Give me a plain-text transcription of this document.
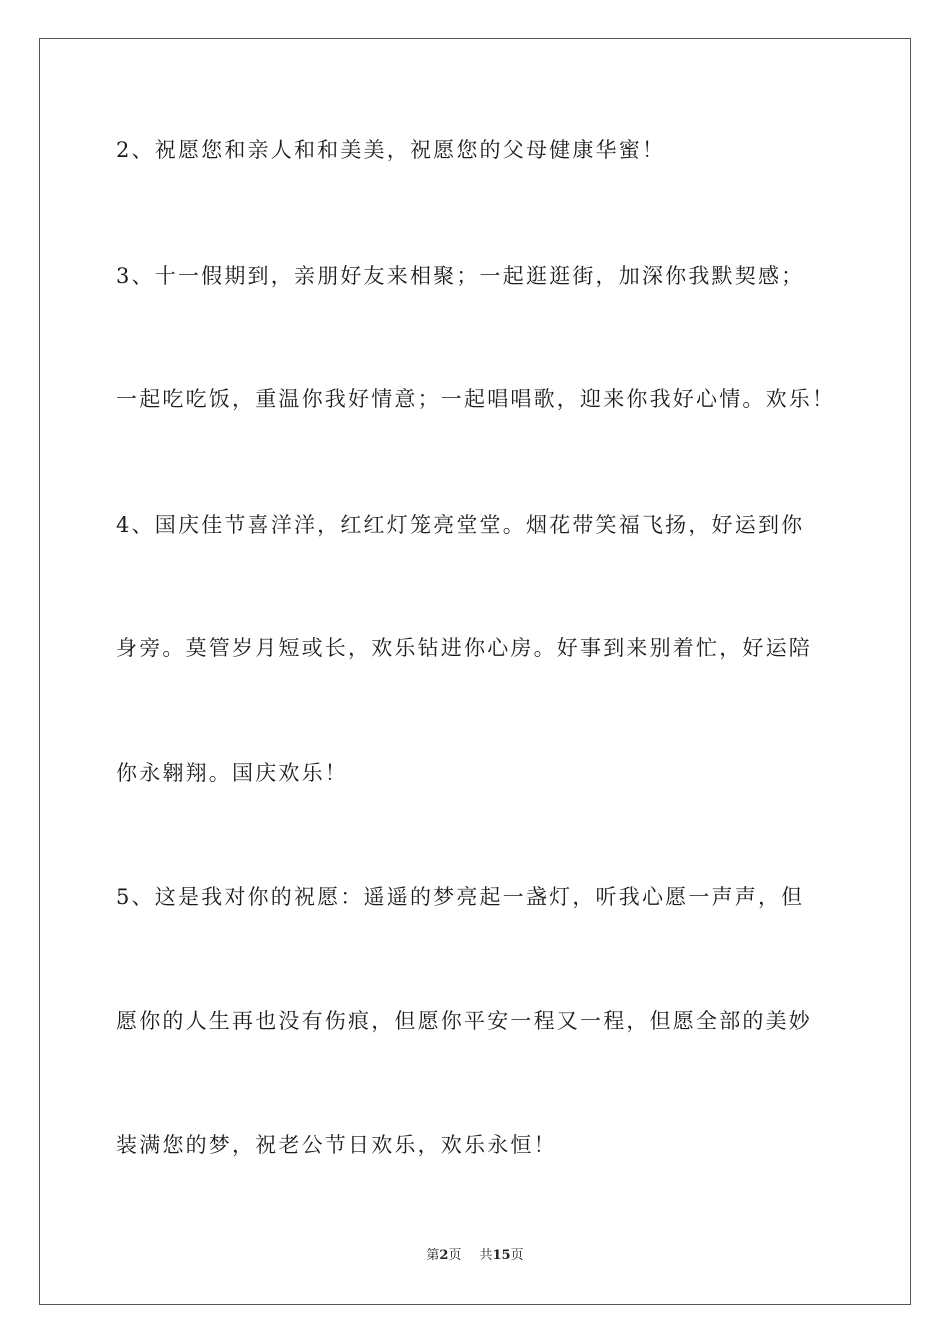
2、祝愿您和亲人和和美美，祝愿您的父母健康华蜜！
3、十一假期到，亲朋好友来相聚；一起逛逛街，加深你我默契感；
一起吃吃饭，重温你我好情意；一起唱唱歌，迎来你我好心情。欢乐！
4、国庆佳节喜洋洋，红红灯笼亮堂堂。烟花带笑福飞扬，好运到你
身旁。莫管岁月短或长，欢乐钻进你心房。好事到来别着忙，好运陪
你永翱翔。国庆欢乐！
5、这是我对你的祝愿：遥遥的梦亮起一盏灯，听我心愿一声声，但
愿你的人生再也没有伤痕，但愿你平安一程又一程，但愿全部的美妙
装满您的梦，祝老公节日欢乐，欢乐永恒！
第2页 共15页
